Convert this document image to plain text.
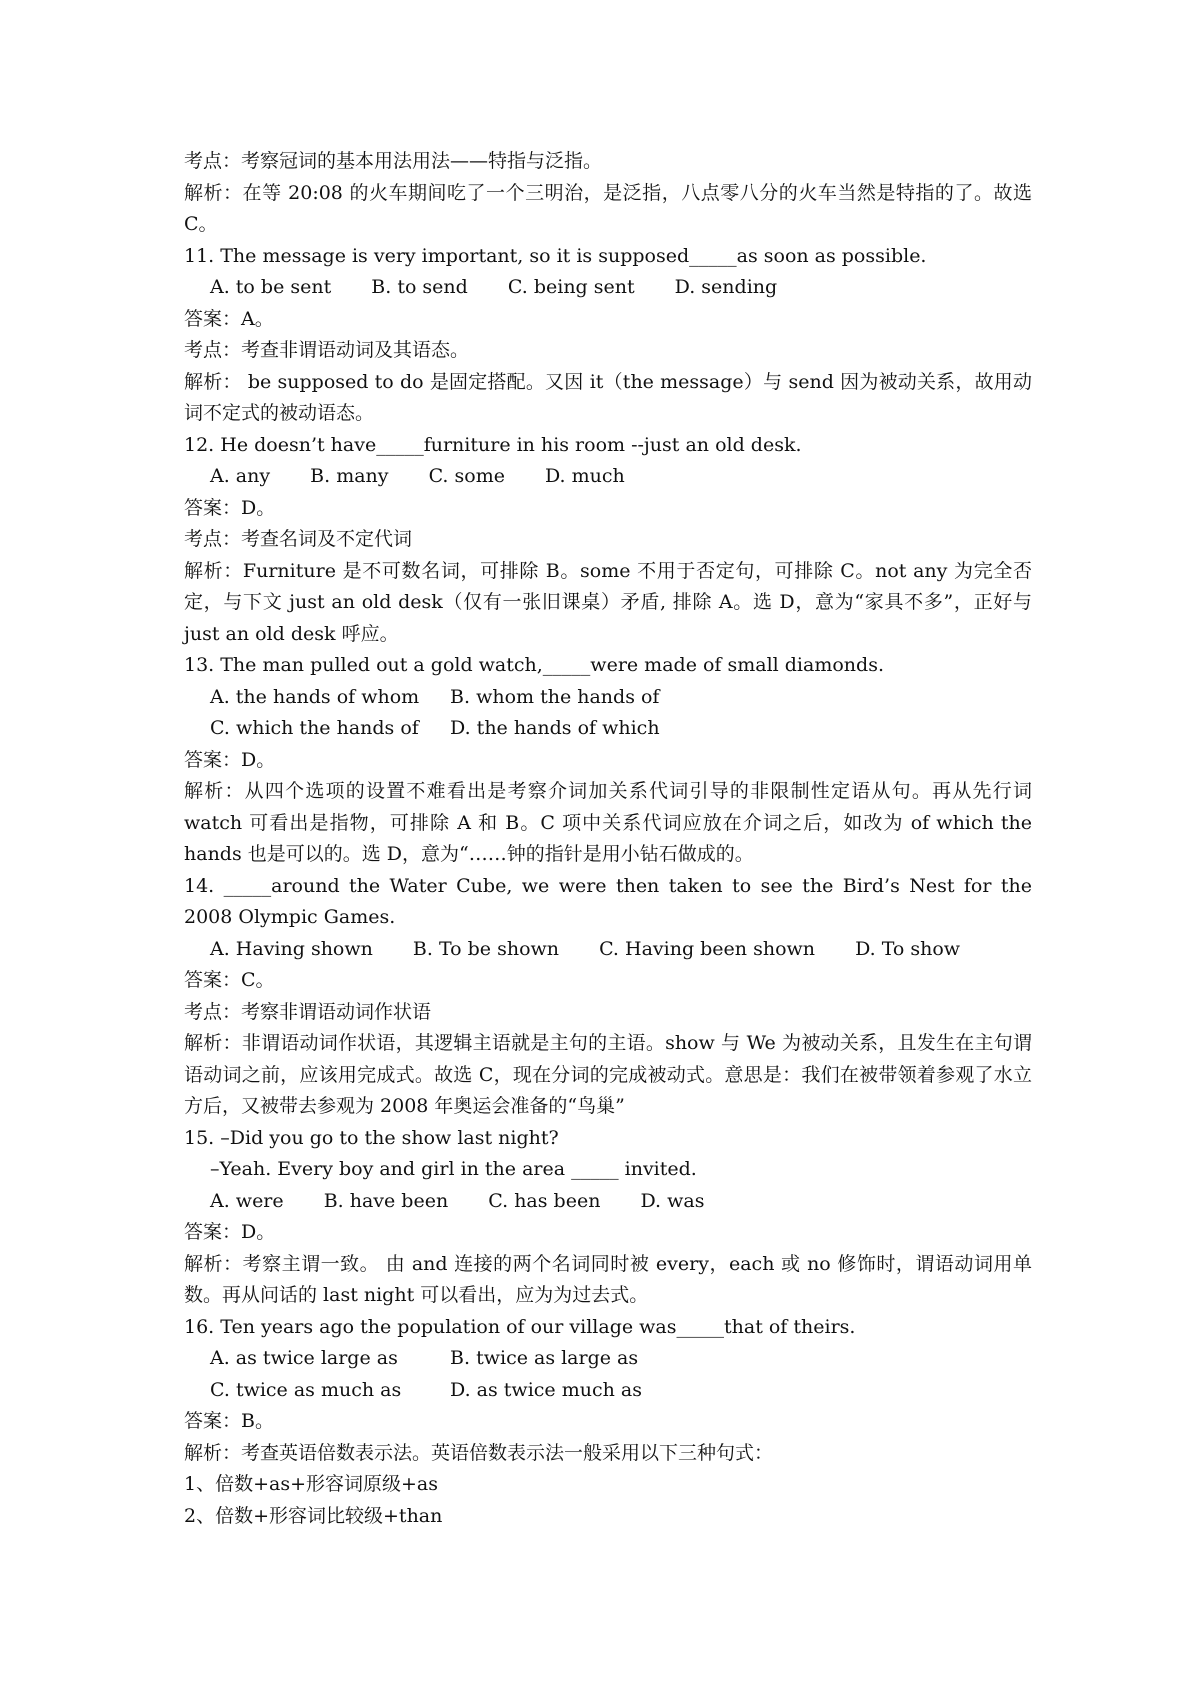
考点：考察冠词的基本用法用法——特指与泛指。

解析：在等 20:08 的火车期间吃了一个三明治，是泛指，八点零八分的火车当然是特指的了。故选 C。

11. The message is very important, so it is supposed_____as soon as possible.

A. to be sent B. to send C. being sent D. sending

答案：A。

考点：考查非谓语动词及其语态。

解析： be supposed to do 是固定搭配。又因 it（the message）与 send 因为被动关系，故用动词不定式的被动语态。

12. He doesn’t have_____furniture in his room --just an old desk.

A. any B. many C. some D. much

答案：D。

考点：考查名词及不定代词

解析：Furniture 是不可数名词，可排除 B。some 不用于否定句，可排除 C。not any 为完全否定，与下文 just an old desk（仅有一张旧课桌）矛盾, 排除 A。选 D，意为“家具不多”，正好与 just an old desk 呼应。

13. The man pulled out a gold watch,_____were made of small diamonds.

A. the hands of whom B. whom the hands of

C. which the hands of D. the hands of which

答案：D。

解析：从四个选项的设置不难看出是考察介词加关系代词引导的非限制性定语从句。再从先行词 watch 可看出是指物，可排除 A 和 B。C 项中关系代词应放在介词之后，如改为 of which the hands 也是可以的。选 D，意为“……钟的指针是用小钻石做成的。

14. _____around the Water Cube, we were then taken to see the Bird’s Nest for the 2008 Olympic Games.

A. Having shown B. To be shown C. Having been shown D. To show

答案：C。

考点：考察非谓语动词作状语

解析：非谓语动词作状语，其逻辑主语就是主句的主语。show 与 We 为被动关系，且发生在主句谓语动词之前，应该用完成式。故选 C，现在分词的完成被动式。意思是：我们在被带领着参观了水立方后，又被带去参观为 2008 年奥运会准备的“鸟巢”

15. –Did you go to the show last night?

–Yeah. Every boy and girl in the area _____ invited.

A. were B. have been C. has been D. was

答案：D。

解析：考察主谓一致。 由 and 连接的两个名词同时被 every，each 或 no 修饰时，谓语动词用单数。再从问话的 last night 可以看出，应为为过去式。

16. Ten years ago the population of our village was_____that of theirs.

A. as twice large as	B. twice as large as

C. twice as much as	D. as twice much as

答案：B。

解析：考查英语倍数表示法。英语倍数表示法一般采用以下三种句式：

1、倍数+as+形容词原级+as

2、倍数+形容词比较级+than
